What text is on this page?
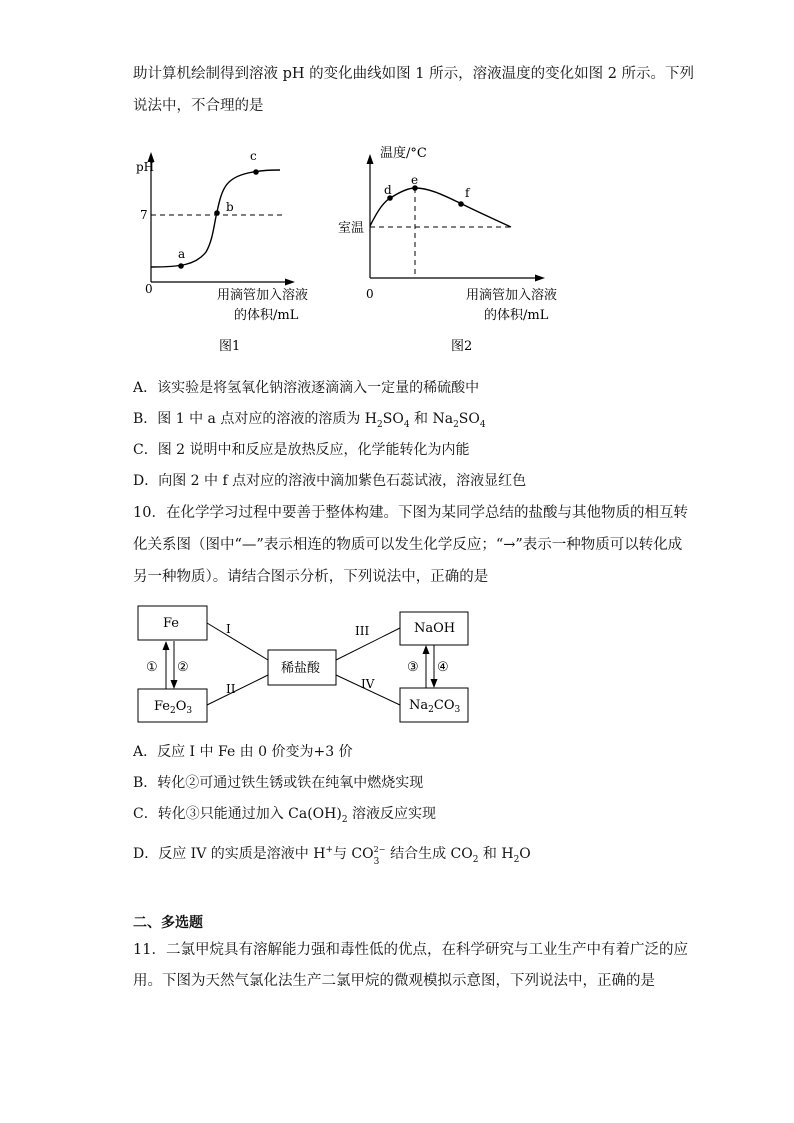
助计算机绘制得到溶液 pH 的变化曲线如图 1 所示，溶液温度的变化如图 2 所示。下列
说法中，不合理的是
pH
7
0
a
b
c
用滴管加入溶液
的体积/mL
图1
温度/°C
室温
0
d
e
f
用滴管加入溶液
的体积/mL
图2
A．该实验是将氢氧化钠溶液逐滴滴入一定量的稀硫酸中
B．图 1 中 a 点对应的溶液的溶质为 $H_2SO_4$ 和 $Na_2SO_4$
C．图 2 说明中和反应是放热反应，化学能转化为内能
D．向图 2 中 f 点对应的溶液中滴加紫色石蕊试液，溶液显红色
10．在化学学习过程中要善于整体构建。下图为某同学总结的盐酸与其他物质的相互转
化关系图（图中“—”表示相连的物质可以发生化学反应；“→”表示一种物质可以转化成
另一种物质）。请结合图示分析，下列说法中，正确的是
Fe
$Fe_2O_3$
稀盐酸
NaOH
$Na_2CO_3$
I
II
III
IV
① ②	③ ④
A．反应 I 中 Fe 由 0 价变为+3 价
B．转化②可通过铁生锈或铁在纯氧中燃烧实现
C．转化③只能通过加入 $Ca(OH)_2$ 溶液反应实现
D．反应 IV 的实质是溶液中 H+与 CO 2−
3 结合生成 $CO_2$ 和 $H_2O$
二、多选题
11．二氯甲烷具有溶解能力强和毒性低的优点，在科学研究与工业生产中有着广泛的应
用。下图为天然气氯化法生产二氯甲烷的微观模拟示意图，下列说法中，正确的是
